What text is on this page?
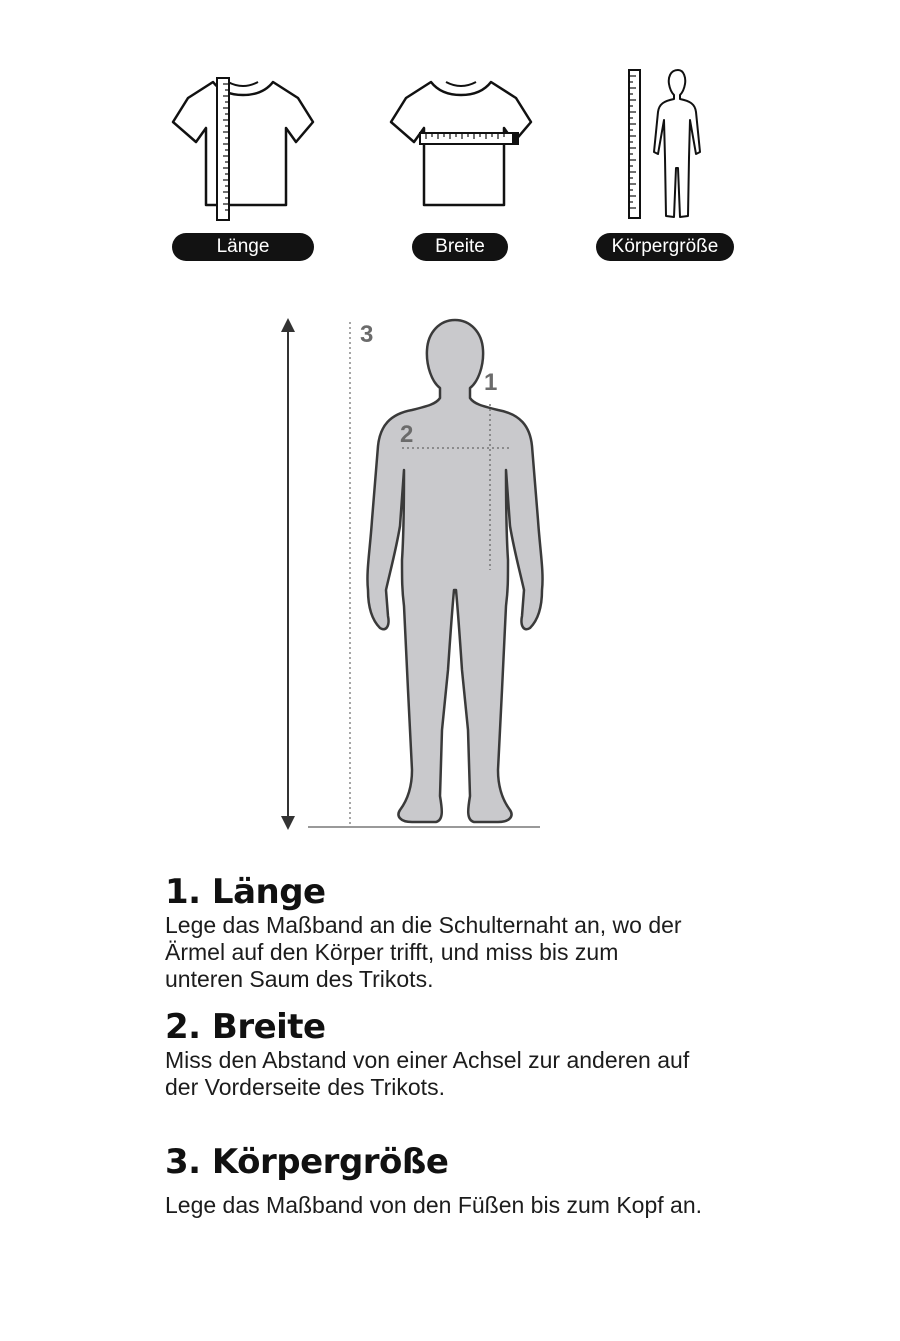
Länge	Breite	Körpergröße
3
1
2
1. Länge

Lege das Maßband an die Schulternaht an, wo der

Ärmel auf den Körper trifft, und miss bis zum

unteren Saum des Trikots.

2. Breite

Miss den Abstand von einer Achsel zur anderen auf

der Vorderseite des Trikots.

3. Körpergröße

Lege das Maßband von den Füßen bis zum Kopf an.
